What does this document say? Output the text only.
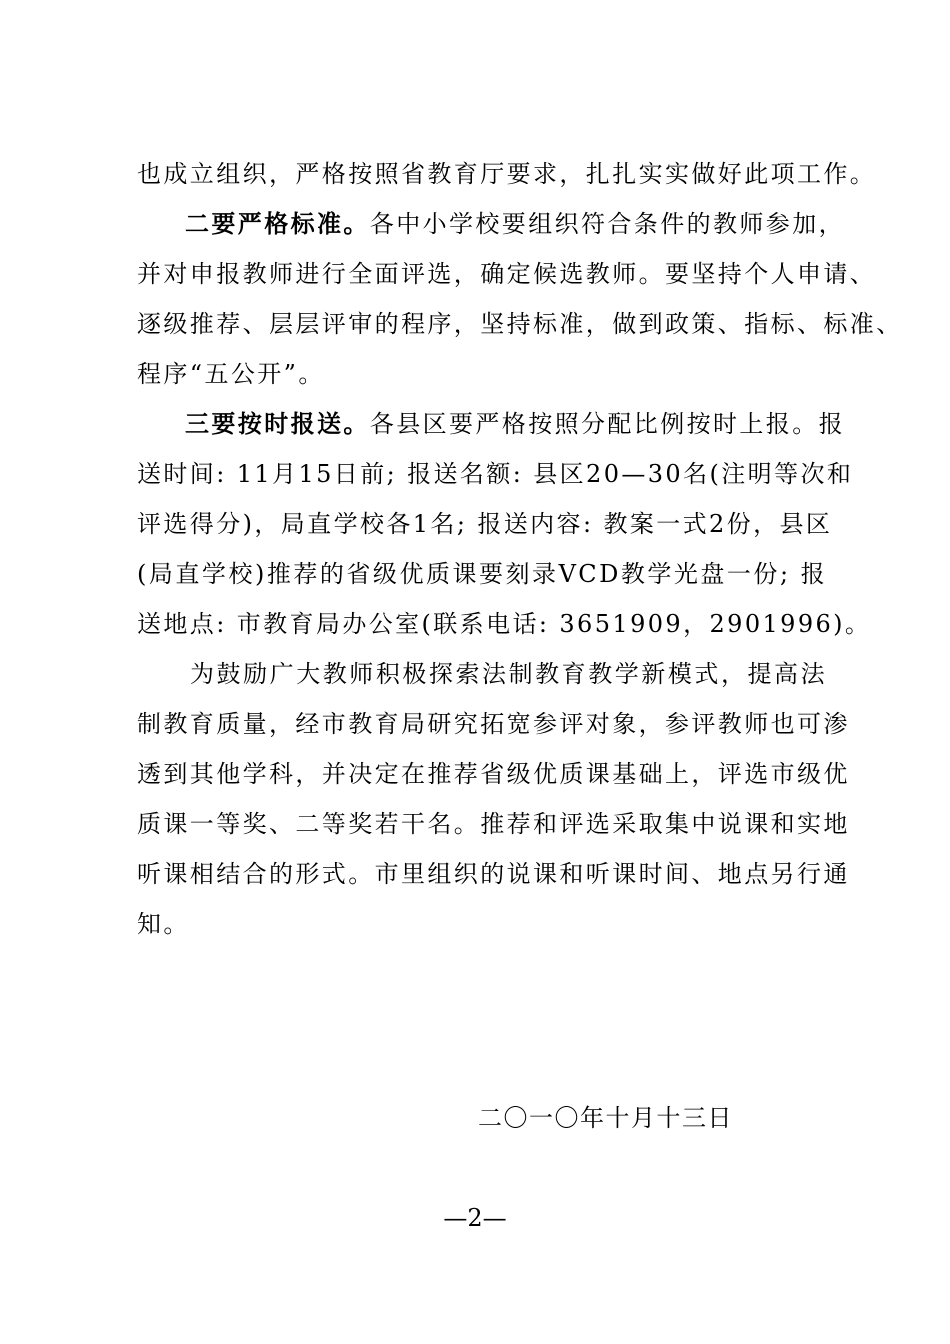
也成立组织，严格按照省教育厅要求，扎扎实实做好此项工作。
二要严格标准。各中小学校要组织符合条件的教师参加，
并对申报教师进行全面评选，确定候选教师。要坚持个人申请、
逐级推荐、层层评审的程序，坚持标准，做到政策、指标、标准、
程序“五公开”。
三要按时报送。各县区要严格按照分配比例按时上报。报
送时间: 11月15日前; 报送名额: 县区20—30名(注明等次和
评选得分)，局直学校各1名; 报送内容: 教案一式2份，县区
(局直学校)推荐的省级优质课要刻录VCD教学光盘一份; 报
送地点: 市教育局办公室(联系电话: 3651909，2901996)。
为鼓励广大教师积极探索法制教育教学新模式，提高法
制教育质量，经市教育局研究拓宽参评对象，参评教师也可渗
透到其他学科，并决定在推荐省级优质课基础上，评选市级优
质课一等奖、二等奖若干名。推荐和评选采取集中说课和实地
听课相结合的形式。市里组织的说课和听课时间、地点另行通
知。
二〇一〇年十月十三日
—2—
